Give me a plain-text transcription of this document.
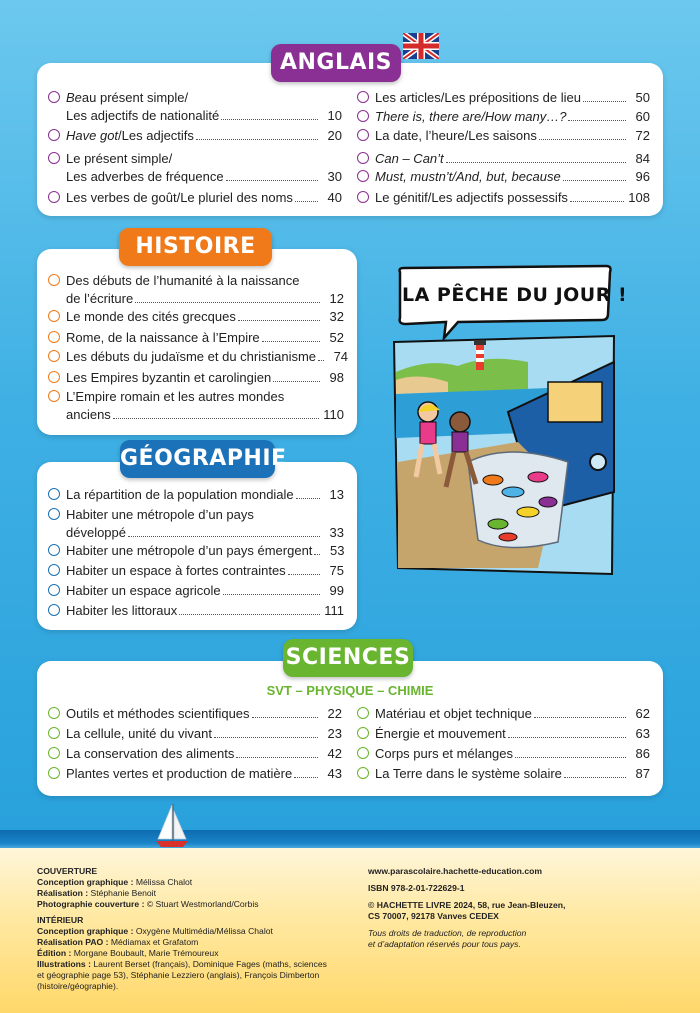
ANGLAIS
Be au présent simple/
Les adjectifs de nationalité	10
Have got /Les adjectifs	20
Le présent simple/
Les adverbes de fréquence	30
Les verbes de goût/Le pluriel des noms	40
Les articles/Les prépositions de lieu	50
There is, there are/How many…?	60
La date, l’heure/Les saisons	72
Can – Can’t	84
Must, mustn’t/And, but, because	96
Le génitif/Les adjectifs possessifs	108
HISTOIRE
Des débuts de l’humanité à la naissance
de l’écriture	12
Le monde des cités grecques	32
Rome, de la naissance à l’Empire	52
Les débuts du judaïsme et du christianisme	74
Les Empires byzantin et carolingien	98
L’Empire romain et les autres mondes
anciens	110
GÉOGRAPHIE
La répartition de la population mondiale	13
Habiter une métropole d’un pays
développé	33
Habiter une métropole d’un pays émergent	53
Habiter un espace à fortes contraintes	75
Habiter un espace agricole	99
Habiter les littoraux	111
LA PÊCHE DU JOUR !
SCIENCES
SVT – PHYSIQUE – CHIMIE
Outils et méthodes scientifiques	22
La cellule, unité du vivant	23
La conservation des aliments	42
Plantes vertes et production de matière	43
Matériau et objet technique	62
Énergie et mouvement	63
Corps purs et mélanges	86
La Terre dans le système solaire	87
COUVERTURE
Conception graphique : Mélissa Chalot
Réalisation : Stéphanie Benoit
Photographie couverture : © Stuart Westmorland/Corbis
INTÉRIEUR
Conception graphique : Oxygène Multimédia/Mélissa Chalot
Réalisation PAO : Médiamax et Grafatom
Édition : Morgane Boubault, Marie Trémoureux
Illustrations : Laurent Berset (français), Dominique Fages (maths, sciences
et géographie page 53), Stéphanie Lezziero (anglais), François Dimberton
(histoire/géographie).
www.parascolaire.hachette-education.com
ISBN 978-2-01-722629-1
© HACHETTE LIVRE 2024, 58, rue Jean-Bleuzen,
CS 70007, 92178 Vanves CEDEX
Tous droits de traduction, de reproduction
et d’adaptation réservés pour tous pays.
